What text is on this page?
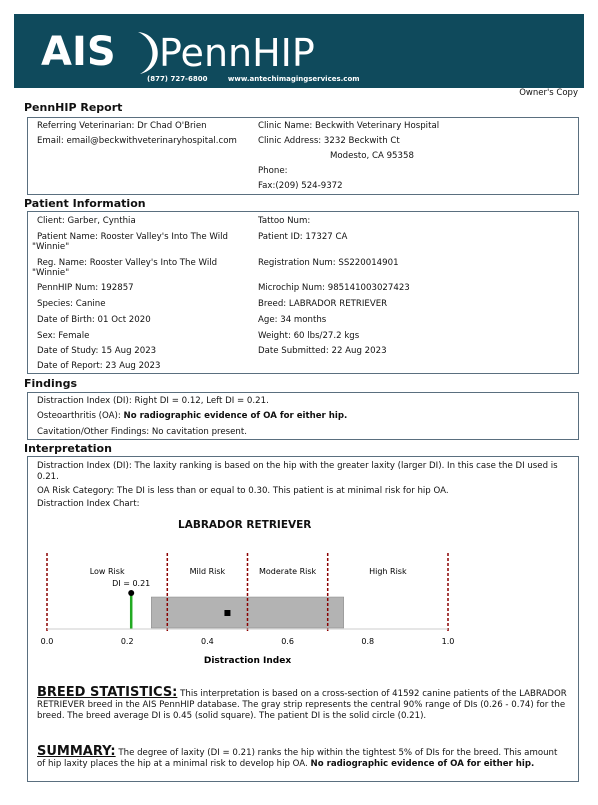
AIS PennHIP
(877) 727-6800	www.antechimagingservices.com
Owner's Copy
PennHIP Report
Referring Veterinarian: Dr Chad O'Brien
Email: email@beckwithveterinaryhospital.com
Clinic Name: Beckwith Veterinary Hospital
Clinic Address: 3232 Beckwith Ct
Modesto, CA 95358
Phone:
Fax:(209) 524-9372
Patient Information
Client: Garber, Cynthia	Tattoo Num:
Patient Name: Rooster Valley's Into The Wild "Winnie"
Patient ID: 17327 CA
Reg. Name: Rooster Valley's Into The Wild "Winnie"
Registration Num: SS220014901
PennHIP Num: 192857	Microchip Num: 985141003027423
Species: Canine	Breed: LABRADOR RETRIEVER
Date of Birth: 01 Oct 2020	Age: 34 months
Sex: Female	Weight: 60 lbs/27.2 kgs
Date of Study: 15 Aug 2023	Date Submitted: 22 Aug 2023
Date of Report: 23 Aug 2023
Findings
Distraction Index (DI): Right DI = 0.12, Left DI = 0.21.
Osteoarthritis (OA): No radiographic evidence of OA for either hip.
Cavitation/Other Findings: No cavitation present.
Interpretation
Distraction Index (DI): The laxity ranking is based on the hip with the greater laxity (larger DI). In this case the DI used is 0.21.
OA Risk Category: The DI is less than or equal to 0.30. This patient is at minimal risk for hip OA.
Distraction Index Chart:
LABRADOR RETRIEVER
Low Risk	Mild Risk	Moderate Risk	High Risk
DI = 0.21
0.0	0.2	0.4	0.6	0.8	1.0
Distraction Index
BREED STATISTICS: This interpretation is based on a cross-section of 41592 canine patients of the LABRADOR RETRIEVER breed in the AIS PennHIP database. The gray strip represents the central 90% range of DIs (0.26 - 0.74) for the breed. The breed average DI is 0.45 (solid square). The patient DI is the solid circle (0.21).
SUMMARY: The degree of laxity (DI = 0.21) ranks the hip within the tightest 5% of DIs for the breed. This amount of hip laxity places the hip at a minimal risk to develop hip OA. No radiographic evidence of OA for either hip.
